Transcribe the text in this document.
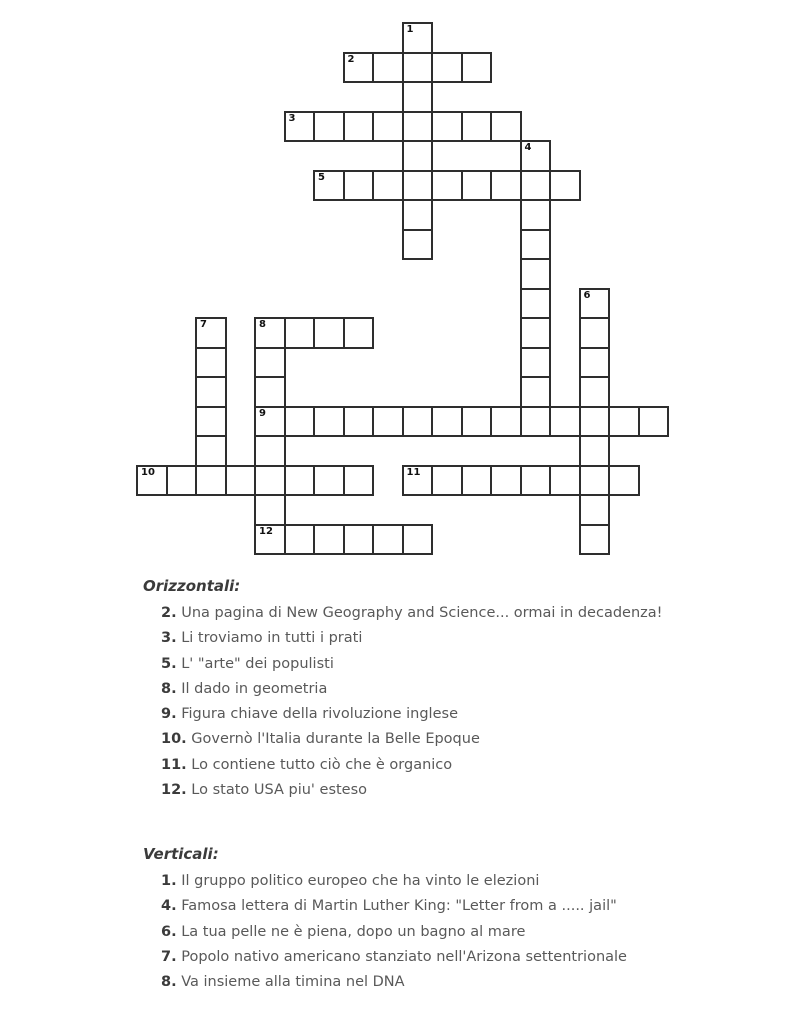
1
2
3
4
5
6
7	8
9
10	11
12
Orizzontali:
2. Una pagina di New Geography and Science... ormai in decadenza!
3. Li troviamo in tutti i prati
5. L' "arte" dei populisti
8. Il dado in geometria
9. Figura chiave della rivoluzione inglese
10. Governò l'Italia durante la Belle Epoque
11. Lo contiene tutto ciò che è organico
12. Lo stato USA piu' esteso
Verticali:
1. Il gruppo politico europeo che ha vinto le elezioni
4. Famosa lettera di Martin Luther King: "Letter from a ..... jail"
6. La tua pelle ne è piena, dopo un bagno al mare
7. Popolo nativo americano stanziato nell'Arizona settentrionale
8. Va insieme alla timina nel DNA
